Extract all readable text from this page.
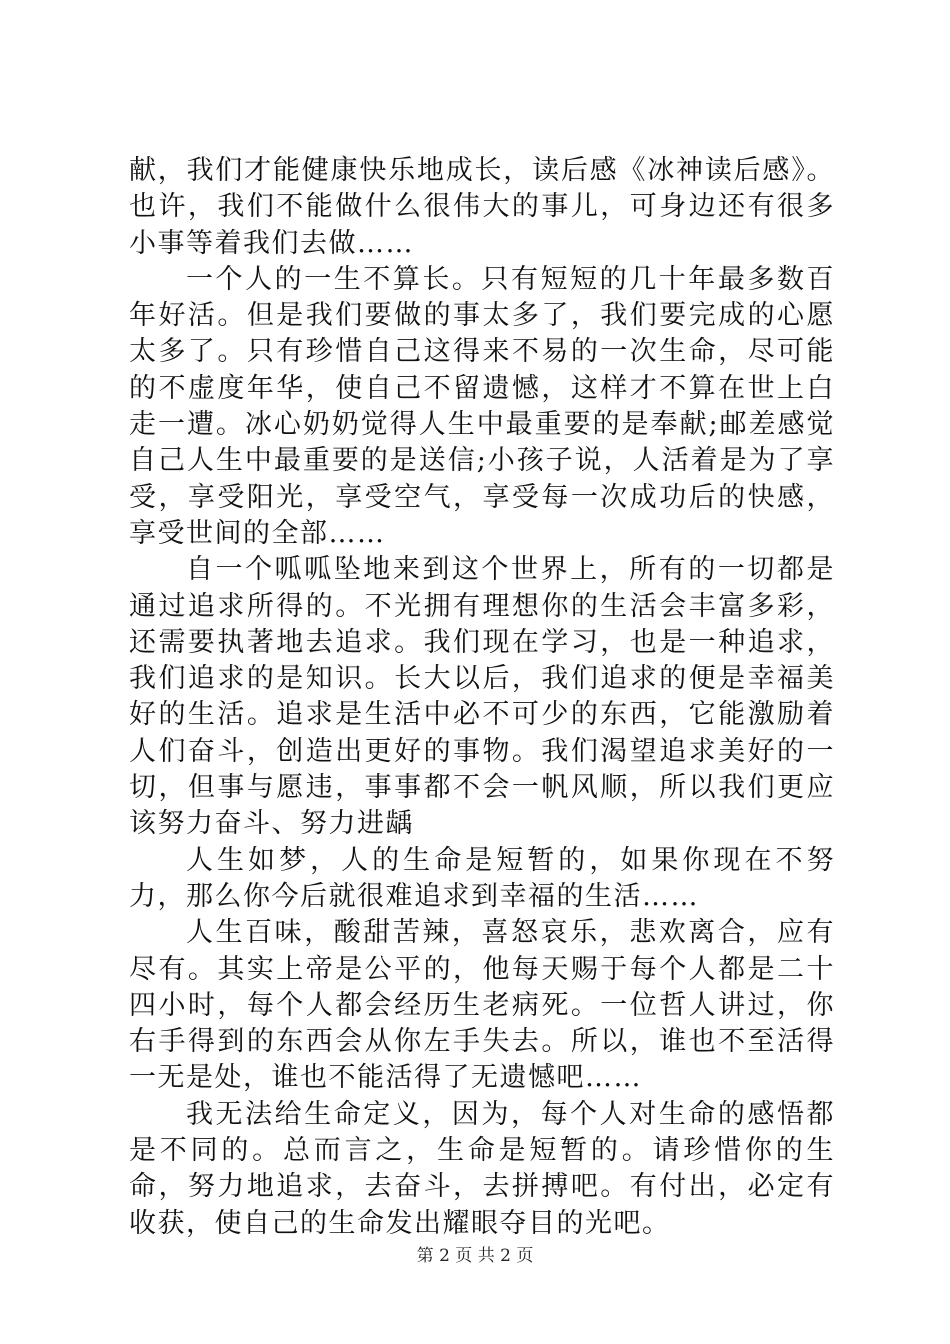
献，我们才能健康快乐地成长，读后感《冰神读后感》。也许，我们不能做什么很伟大的事儿，可身边还有很多小事等着我们去做……

一个人的一生不算长。只有短短的几十年最多数百年好活。但是我们要做的事太多了，我们要完成的心愿太多了。只有珍惜自己这得来不易的一次生命，尽可能的不虚度年华，使自己不留遗憾，这样才不算在世上白走一遭。冰心奶奶觉得人生中最重要的是奉献;邮差感觉自己人生中最重要的是送信;小孩子说，人活着是为了享受，享受阳光，享受空气，享受每一次成功后的快感，享受世间的全部……

自一个呱呱坠地来到这个世界上，所有的一切都是通过追求所得的。不光拥有理想你的生活会丰富多彩，还需要执著地去追求。我们现在学习，也是一种追求，我们追求的是知识。长大以后，我们追求的便是幸福美好的生活。追求是生活中必不可少的东西，它能激励着人们奋斗，创造出更好的事物。我们渴望追求美好的一切，但事与愿违，事事都不会一帆风顺，所以我们更应该努力奋斗、努力进龋

人生如梦，人的生命是短暂的，如果你现在不努力，那么你今后就很难追求到幸福的生活……

人生百味，酸甜苦辣，喜怒哀乐，悲欢离合，应有尽有。其实上帝是公平的，他每天赐于每个人都是二十四小时，每个人都会经历生老病死。一位哲人讲过，你右手得到的东西会从你左手失去。所以，谁也不至活得一无是处，谁也不能活得了无遗憾吧……

我无法给生命定义，因为，每个人对生命的感悟都是不同的。总而言之，生命是短暂的。请珍惜你的生命，努力地追求，去奋斗，去拼搏吧。有付出，必定有收获，使自己的生命发出耀眼夺目的光吧。

第 2 页 共 2 页
